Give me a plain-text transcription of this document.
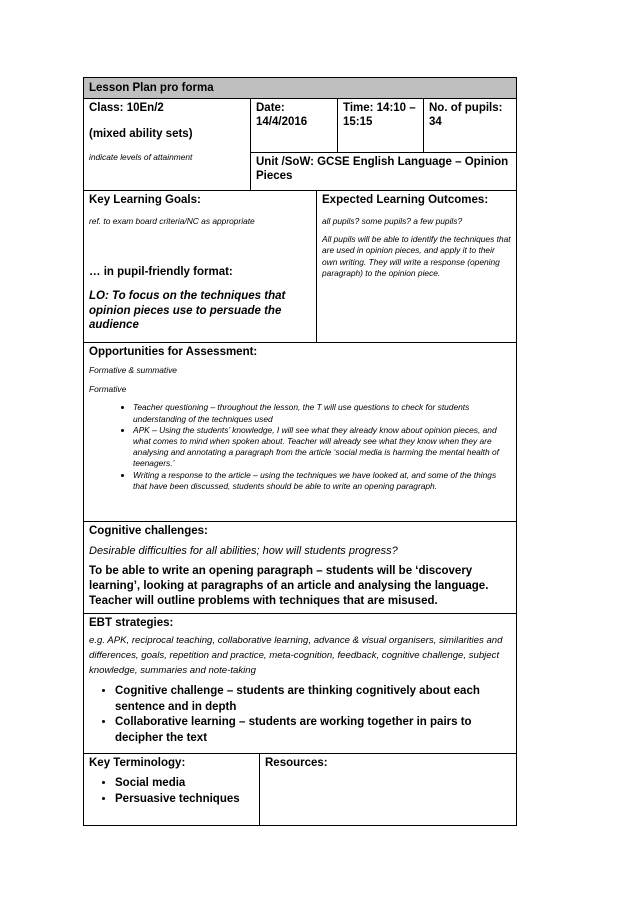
Lesson Plan pro forma

Class: 10En/2

(mixed ability sets)

indicate levels of attainment

Date:

14/4/2016

Time: 14:10 –

15:15

No. of pupils:

34

Unit /SoW: GCSE English Language – Opinion Pieces

Key Learning Goals:

ref. to exam board criteria/NC as appropriate

… in pupil-friendly format:

LO: To focus on the techniques that opinion pieces use to persuade the audience

Expected Learning Outcomes:

all pupils? some pupils? a few pupils?

All pupils will be able to identify the techniques that are used in opinion pieces, and apply it to their own writing. They will write a response (opening paragraph) to the opinion piece.

Opportunities for Assessment:

Formative & summative

Formative

• Teacher questioning – throughout the lesson, the T will use questions to check for students understanding of the techniques used
• APK – Using the students’ knowledge, I will see what they already know about opinion pieces, and what comes to mind when spoken about. Teacher will already see what they know when they are analysing and annotating a paragraph from the article ‘social media is harming the mental health of teenagers.’
• Writing a response to the article – using the techniques we have looked at, and some of the things that have been discussed, students should be able to write an opening paragraph.

Cognitive challenges:

Desirable difficulties for all abilities; how will students progress?

To be able to write an opening paragraph – students will be ‘discovery learning’, looking at paragraphs of an article and analysing the language. Teacher will outline problems with techniques that are misused.

EBT strategies:

e.g. APK, reciprocal teaching, collaborative learning, advance & visual organisers, similarities and differences, goals, repetition and practice, meta-cognition, feedback, cognitive challenge, subject knowledge, summaries and note-taking

• Cognitive challenge – students are thinking cognitively about each sentence and in depth
• Collaborative learning – students are working together in pairs to decipher the text

Key Terminology:

• Social media
• Persuasive techniques

Resources:
